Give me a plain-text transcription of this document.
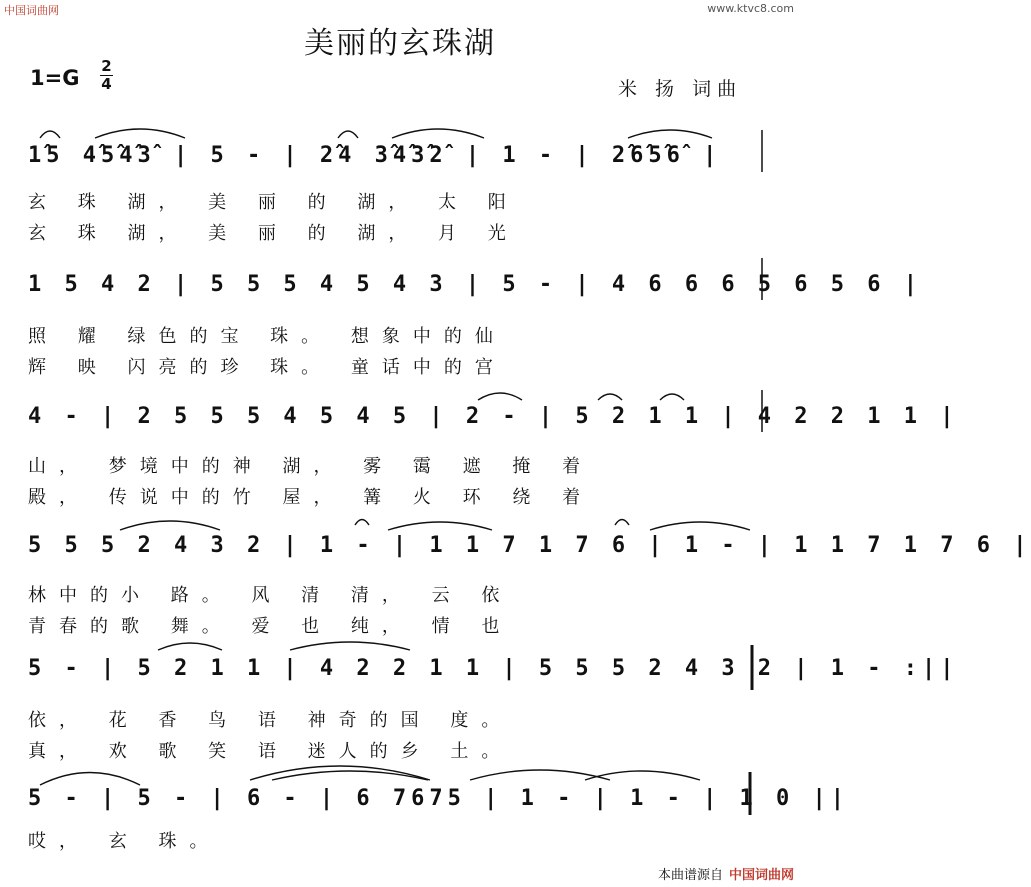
中国词曲网	www.ktvc8.com
美丽的玄珠湖
1=G 2
4	米 扬 词曲
1̂5 4̂5̂4̂3̂ | 5 - | 2̂4 3̂4̂3̂2̂ | 1 - | 2̂6̂5̂6̂ |
玄 珠 湖， 美 丽 的 湖， 太 阳
玄 珠 湖， 美 丽 的 湖， 月 光
1 5 4 2 | 5 5 5 4 5 4 3 | 5 - | 4 6 6 6 5 6 5 6 |
照 耀 绿色的宝 珠。 想象中的仙
辉 映 闪亮的珍 珠。 童话中的宫
4 - | 2 5 5 5 4 5 4 5 | 2 - | 5 2 1 1 | 4 2 2 1 1 |
山， 梦境中的神 湖， 雾 霭 遮 掩 着
殿， 传说中的竹 屋， 篝 火 环 绕 着
5 5 5 2 4 3 2 | 1 - | 1 1 7 1 7 6 | 1 - | 1 1 7 1 7 6 |
林中的小 路。 风 清 清， 云 依
青春的歌 舞。 爱 也 纯， 情 也
5 - | 5 2 1 1 | 4 2 2 1 1 | 5 5 5 2 4 3 2 | 1 - :||
依， 花 香 鸟 语 神奇的国 度。
真， 欢 歌 笑 语 迷人的乡 土。
5 - | 5 - | 6 - | 6 7675 | 1 - | 1 - | 1 0 ||
哎， 玄 珠。
本曲谱源自 中国词曲网
